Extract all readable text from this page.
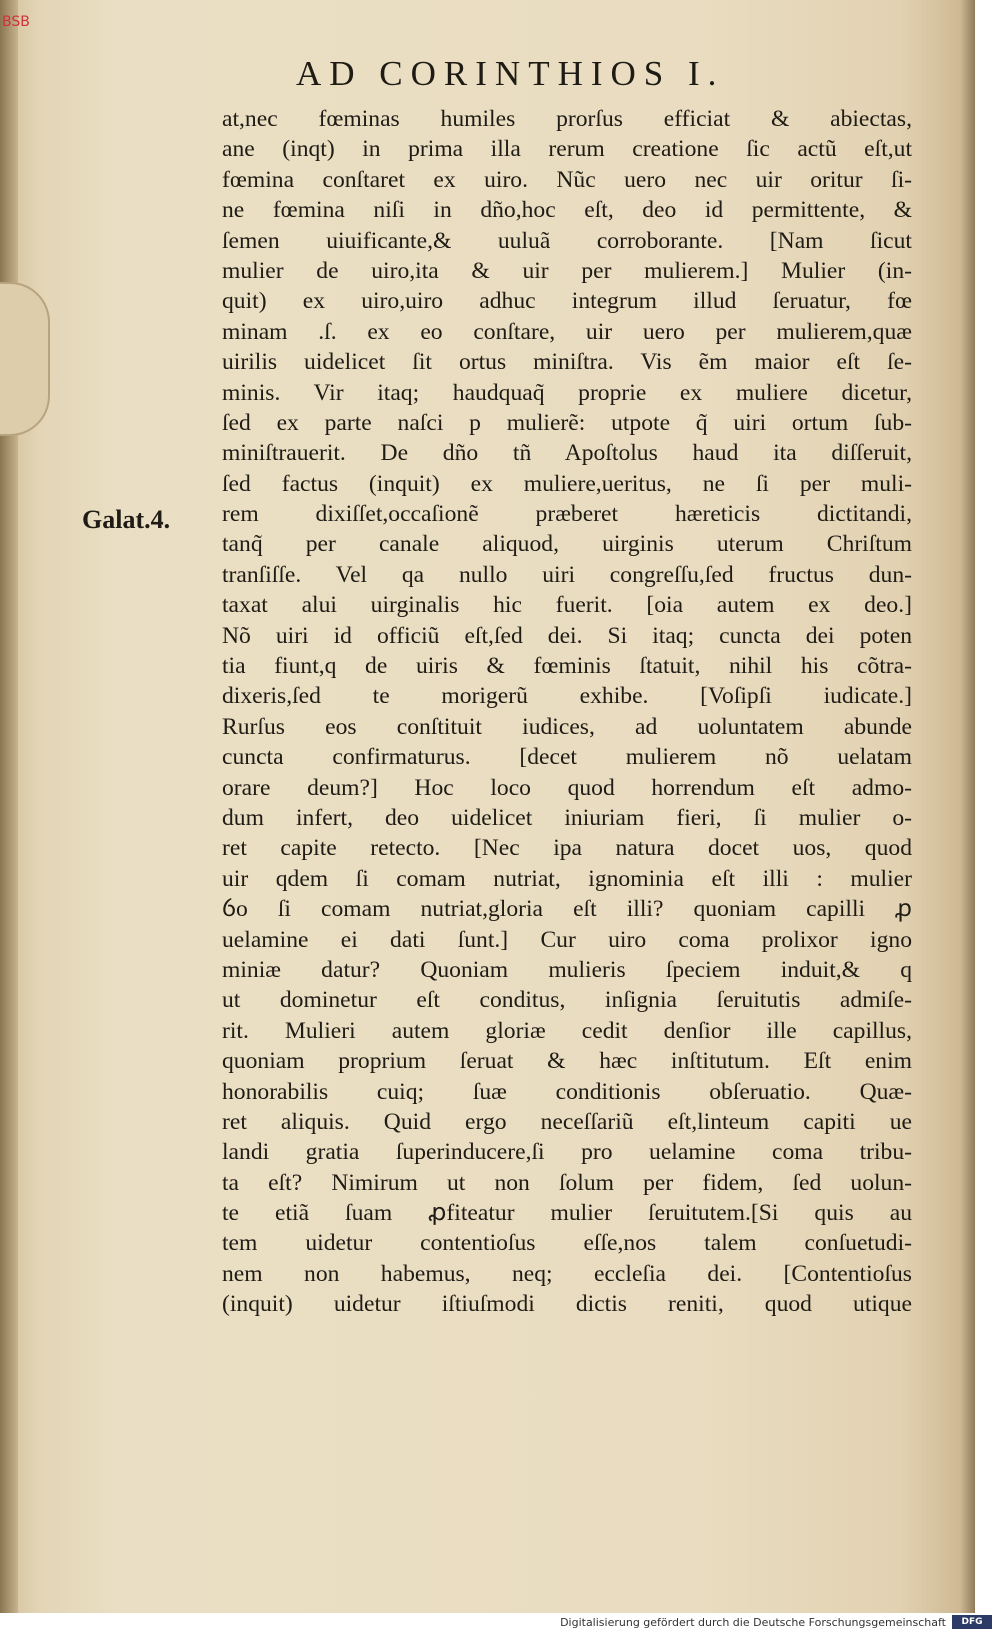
BSB
AD CORINTHIOS I.
Galat.4.
at,nec fœminas humiles prorſus efficiat & abiectas,
ane (inqt) in prima illa rerum creatione ſic actũ eſt,ut
fœmina conſtaret ex uiro. Nũc uero nec uir oritur ſi-
ne fœmina niſi in dño,hoc eſt, deo id permittente, &
ſemen uiuificante,& uuluã corroborante. [Nam ſicut
mulier de uiro,ita & uir per mulierem.] Mulier (in-
quit) ex uiro,uiro adhuc integrum illud ſeruatur, fœ
minam .ſ. ex eo conſtare, uir uero per mulierem,quæ
uirilis uidelicet ſit ortus miniſtra. Vis ẽm maior eſt ſe-
minis. Vir itaq; haudquaq̃ proprie ex muliere dicetur,
ſed ex parte naſci p mulierẽ: utpote q̃ uiri ortum ſub-
miniſtrauerit. De dño tñ Apoſtolus haud ita diſſeruit,
ſed factus (inquit) ex muliere,ueritus, ne ſi per muli-
rem dixiſſet,occaſionẽ præberet hæreticis dictitandi,
tanq̃ per canale aliquod, uirginis uterum Chriſtum
tranſiſſe. Vel qa nullo uiri congreſſu,ſed fructus dun-
taxat alui uirginalis hic fuerit. [oia autem ex deo.]
Nõ uiri id officiũ eſt,ſed dei. Si itaq; cuncta dei poten
tia fiunt,q de uiris & fœminis ſtatuit, nihil his cõtra-
dixeris,ſed te morigerũ exhibe. [Voſipſi iudicate.]
Rurſus eos conſtituit iudices, ad uoluntatem abunde
cuncta confirmaturus. [decet mulierem nõ uelatam
orare deum?] Hoc loco quod horrendum eſt admo-
dum infert, deo uidelicet iniuriam fieri, ſi mulier o-
ret capite retecto. [Nec ipa natura docet uos, quod
uir qdem ſi comam nutriat, ignominia eſt illi : mulier
ỽo ſi comam nutriat,gloria eſt illi? quoniam capilli ꝓ
uelamine ei dati ſunt.] Cur uiro coma prolixor igno
miniæ datur? Quoniam mulieris ſpeciem induit,& q
ut dominetur eſt conditus, inſignia ſeruitutis admiſe-
rit. Mulieri autem gloriæ cedit denſior ille capillus,
quoniam proprium ſeruat & hæc inſtitutum. Eſt enim
honorabilis cuiq; ſuæ conditionis obſeruatio. Quæ-
ret aliquis. Quid ergo neceſſariũ eſt,linteum capiti ue
landi gratia ſuperinducere,ſi pro uelamine coma tribu-
ta eſt? Nimirum ut non ſolum per fidem, ſed uolun-
te etiã ſuam ꝓfiteatur mulier ſeruitutem.[Si quis au
tem uidetur contentioſus eſſe,nos talem conſuetudi-
nem non habemus, neq; eccleſia dei. [Contentioſus
(inquit) uidetur iſtiuſmodi dictis reniti, quod utique
Digitalisierung gefördert durch die Deutsche Forschungsgemeinschaft	DFG
